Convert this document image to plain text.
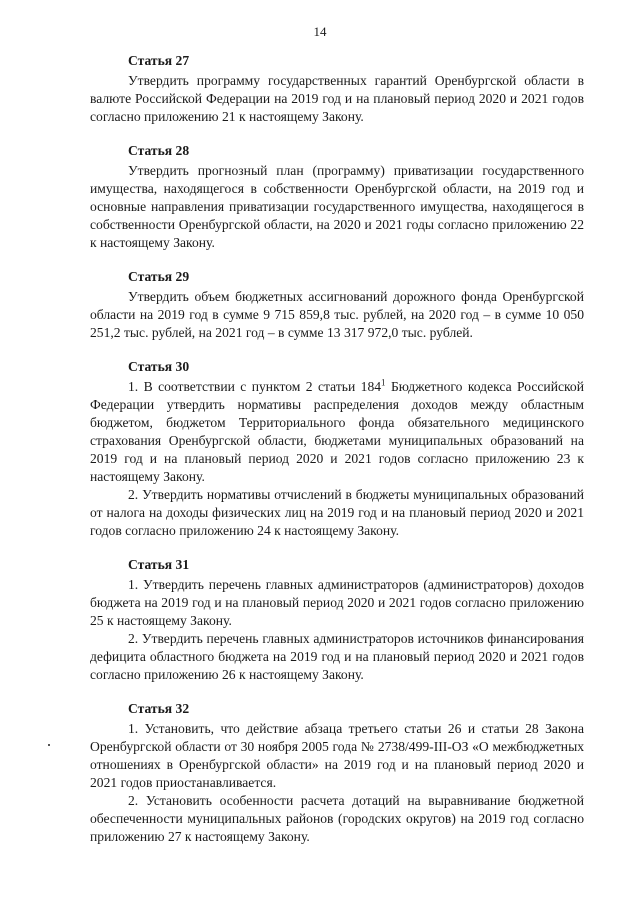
14
Статья 27

Утвердить программу государственных гарантий Оренбургской области в валюте Российской Федерации на 2019 год и на плановый период 2020 и 2021 годов согласно приложению 21 к настоящему Закону.

Статья 28

Утвердить прогнозный план (программу) приватизации государственного имущества, находящегося в собственности Оренбургской области, на 2019 год и основные направления приватизации государственного имущества, находящегося в собственности Оренбургской области, на 2020 и 2021 годы согласно приложению 22 к настоящему Закону.

Статья 29

Утвердить объем бюджетных ассигнований дорожного фонда Оренбургской области на 2019 год в сумме 9 715 859,8 тыс. рублей, на 2020 год – в сумме 10 050 251,2 тыс. рублей, на 2021 год – в сумме 13 317 972,0 тыс. рублей.

Статья 30

1. В соответствии с пунктом 2 статьи $184^1$ Бюджетного кодекса Российской Федерации утвердить нормативы распределения доходов между областным бюджетом, бюджетом Территориального фонда обязательного медицинского страхования Оренбургской области, бюджетами муниципальных образований на 2019 год и на плановый период 2020 и 2021 годов согласно приложению 23 к настоящему Закону.

2. Утвердить нормативы отчислений в бюджеты муниципальных образований от налога на доходы физических лиц на 2019 год и на плановый период 2020 и 2021 годов согласно приложению 24 к настоящему Закону.

Статья 31

1. Утвердить перечень главных администраторов (администраторов) доходов бюджета на 2019 год и на плановый период 2020 и 2021 годов согласно приложению 25 к настоящему Закону.

2. Утвердить перечень главных администраторов источников финансирования дефицита областного бюджета на 2019 год и на плановый период 2020 и 2021 годов согласно приложению 26 к настоящему Закону.

Статья 32

1. Установить, что действие абзаца третьего статьи 26 и статьи 28 Закона Оренбургской области от 30 ноября 2005 года № 2738/499-III-ОЗ «О межбюджетных отношениях в Оренбургской области» на 2019 год и на плановый период 2020 и 2021 годов приостанавливается.

2. Установить особенности расчета дотаций на выравнивание бюджетной обеспеченности муниципальных районов (городских округов) на 2019 год согласно приложению 27 к настоящему Закону.
